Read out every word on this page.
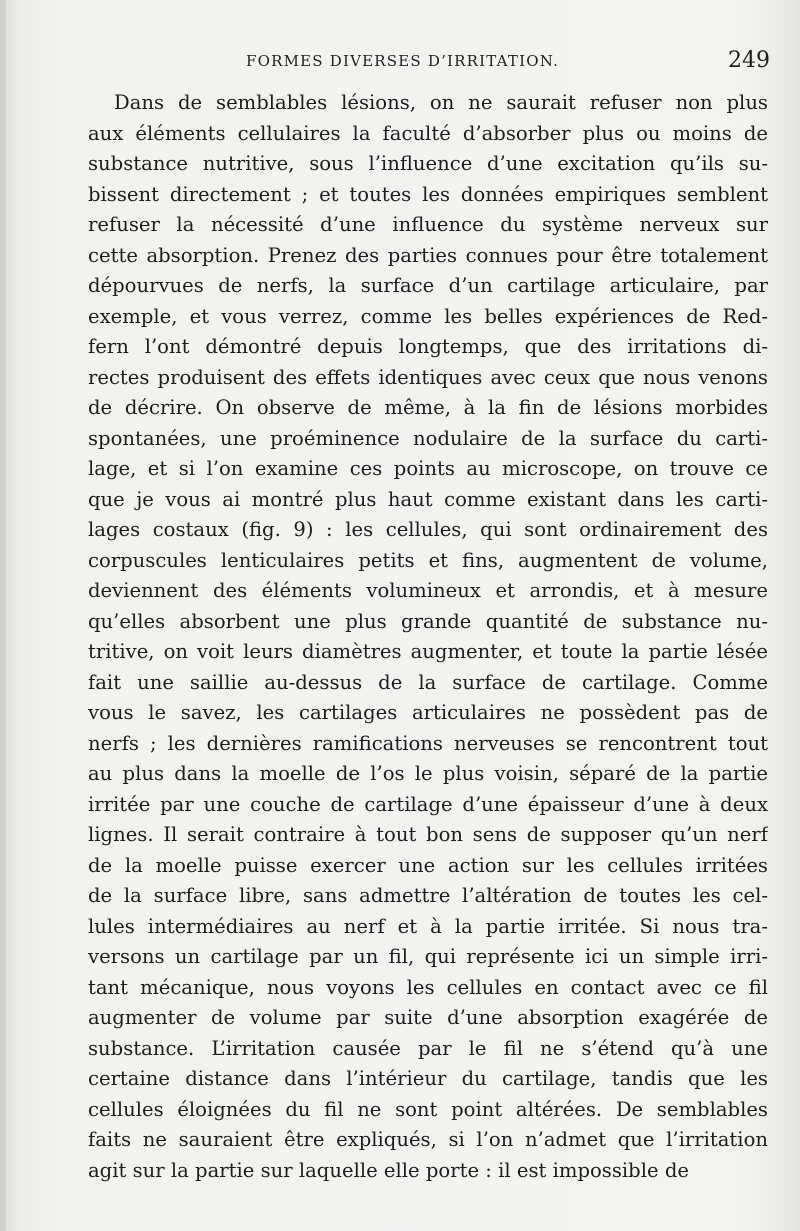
FORMES DIVERSES D’IRRITATION.	249
Dans de semblables lésions, on ne saurait refuser non plus
aux éléments cellulaires la faculté d’absorber plus ou moins de
substance nutritive, sous l’influence d’une excitation qu’ils su-
bissent directement ; et toutes les données empiriques semblent
refuser la nécessité d’une influence du système nerveux sur
cette absorption. Prenez des parties connues pour être totalement
dépourvues de nerfs, la surface d’un cartilage articulaire, par
exemple, et vous verrez, comme les belles expériences de Red-
fern l’ont démontré depuis longtemps, que des irritations di-
rectes produisent des effets identiques avec ceux que nous venons
de décrire. On observe de même, à la fin de lésions morbides
spontanées, une proéminence nodulaire de la surface du carti-
lage, et si l’on examine ces points au microscope, on trouve ce
que je vous ai montré plus haut comme existant dans les carti-
lages costaux (fig. 9) : les cellules, qui sont ordinairement des
corpuscules lenticulaires petits et fins, augmentent de volume,
deviennent des éléments volumineux et arrondis, et à mesure
qu’elles absorbent une plus grande quantité de substance nu-
tritive, on voit leurs diamètres augmenter, et toute la partie lésée
fait une saillie au-dessus de la surface de cartilage. Comme
vous le savez, les cartilages articulaires ne possèdent pas de
nerfs ; les dernières ramifications nerveuses se rencontrent tout
au plus dans la moelle de l’os le plus voisin, séparé de la partie
irritée par une couche de cartilage d’une épaisseur d’une à deux
lignes. Il serait contraire à tout bon sens de supposer qu’un nerf
de la moelle puisse exercer une action sur les cellules irritées
de la surface libre, sans admettre l’altération de toutes les cel-
lules intermédiaires au nerf et à la partie irritée. Si nous tra-
versons un cartilage par un fil, qui représente ici un simple irri-
tant mécanique, nous voyons les cellules en contact avec ce fil
augmenter de volume par suite d’une absorption exagérée de
substance. L’irritation causée par le fil ne s’étend qu’à une
certaine distance dans l’intérieur du cartilage, tandis que les
cellules éloignées du fil ne sont point altérées. De semblables
faits ne sauraient être expliqués, si l’on n’admet que l’irritation
agit sur la partie sur laquelle elle porte : il est impossible de
